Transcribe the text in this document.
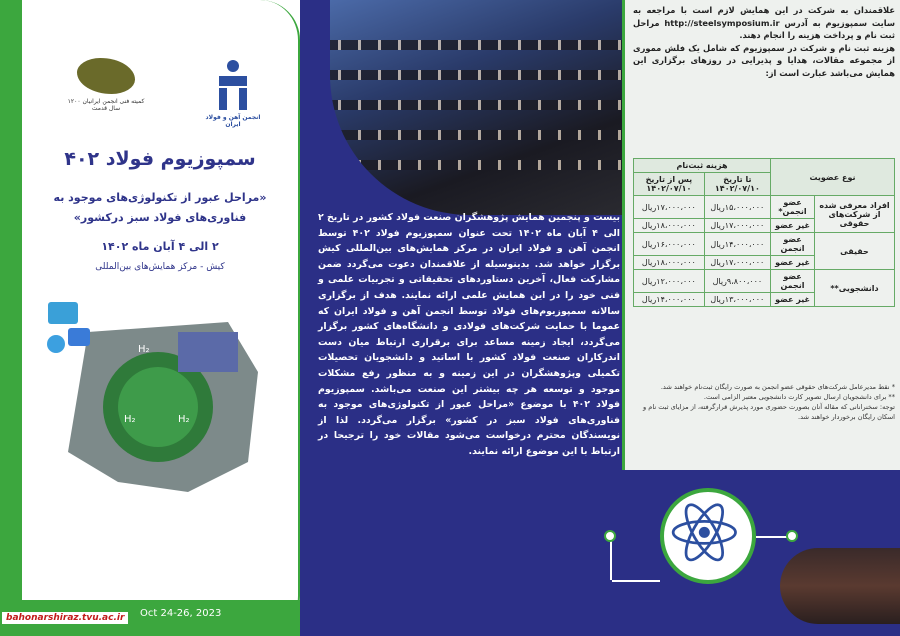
کمیته فنی انجمن ایرانیان ۱۲۰۰ سال قدمت
انجمن آهن و فولاد ایران
سمپوزیوم فولاد ۴۰۲
«مراحل عبور از تکنولوژی‌های موجود به فناوری‌های فولاد سبز درکشور»
۲ الی ۴ آبان ماه ۱۴۰۲
کیش - مرکز همایش‌های بین‌المللی
H₂
H₂	H₂
bahonarshiraz.tvu.ac.ir	Oct 24-26, 2023
بیست و پنجمین همایش پژوهشگران صنعت فولاد کشور در تاریخ ۲ الی ۴ آبان ماه ۱۴۰۲ تحت عنوان سمپوزیوم فولاد ۴۰۲ توسط انجمن آهن و فولاد ایران در مرکز همایش‌های بین‌المللی کیش برگزار خواهد شد. بدینوسیله از علاقمندان دعوت می‌گردد ضمن مشارکت فعال، آخرین دستاوردهای تحقیقاتی و تجربیات علمی و فنی خود را در این همایش علمی ارائه نمایند. هدف از برگزاری سالانه سمپوزیوم‌های فولاد توسط انجمن آهن و فولاد ایران که عموما با حمایت شرکت‌های فولادی و دانشگاه‌های کشور برگزار می‌گردد، ایجاد زمینه مساعد برای برقراری ارتباط میان دست اندرکاران صنعت فولاد کشور با اساتید و دانشجویان تحصیلات تکمیلی وپژوهشگران در این زمینه و به منظور رفع مشکلات موجود و توسعه هر چه بیشتر این صنعت می‌باشد. سمپوزیوم فولاد ۴۰۲ با موضوع «مراحل عبور از تکنولوژی‌های موجود به فناوری‌های فولاد سبز در کشور» برگزار می‌گردد. لذا از نویسندگان محترم درخواست می‌شود مقالات خود را ترجیحا در ارتباط با این موضوع ارائه نمایند.
علاقمندان به شرکت در این همایش لازم است با مراجعه به سایت سمپوزیوم به آدرس http://steelsymposium.ir مراحل ثبت نام و پرداخت هزینه را انجام دهند.
هزینه ثبت نام و شرکت در سمپوزیوم که شامل یک فلش مموری از مجموعه مقالات، هدایا و پذیرایی در روزهای برگزاری این همایش می‌باشد عبارت است از:
نوع عضویت		هزینه ثبت‌نام	
		تا تاریخ ۱۴۰۲/۰۷/۱۰	پس از تاریخ ۱۴۰۲/۰۷/۱۰
افراد معرفی شده از شرکت‌های حقوقی	عضو انجمن*	۱۵،۰۰۰،۰۰۰ریال	۱۷،۰۰۰،۰۰۰ریال
	غیر عضو	۱۷،۰۰۰،۰۰۰ریال	۱۸،۰۰۰،۰۰۰ریال
حقیقی	عضو انجمن	۱۴،۰۰۰،۰۰۰ریال	۱۶،۰۰۰،۰۰۰ریال
	غیر عضو	۱۷،۰۰۰،۰۰۰ریال	۱۸،۰۰۰،۰۰۰ریال
دانشجویی**	عضو انجمن	۹،۸۰۰،۰۰۰ریال	۱۲،۰۰۰،۰۰۰ریال
	غیر عضو	۱۳،۰۰۰،۰۰۰ریال	۱۴،۰۰۰،۰۰۰ریال
* نقط مدیرعامل شرکت‌های حقوقی عضو انجمن به صورت رایگان ثبت‌نام خواهند شد.
** برای دانشجویان ارسال تصویر کارت دانشجویی معتبر الزامی است.
توجه: سخنرانانی که مقاله آنان بصورت حضوری مورد پذیرش قرارگرفته، از مزایای ثبت نام و اسکان رایگان برخوردار خواهند شد.
